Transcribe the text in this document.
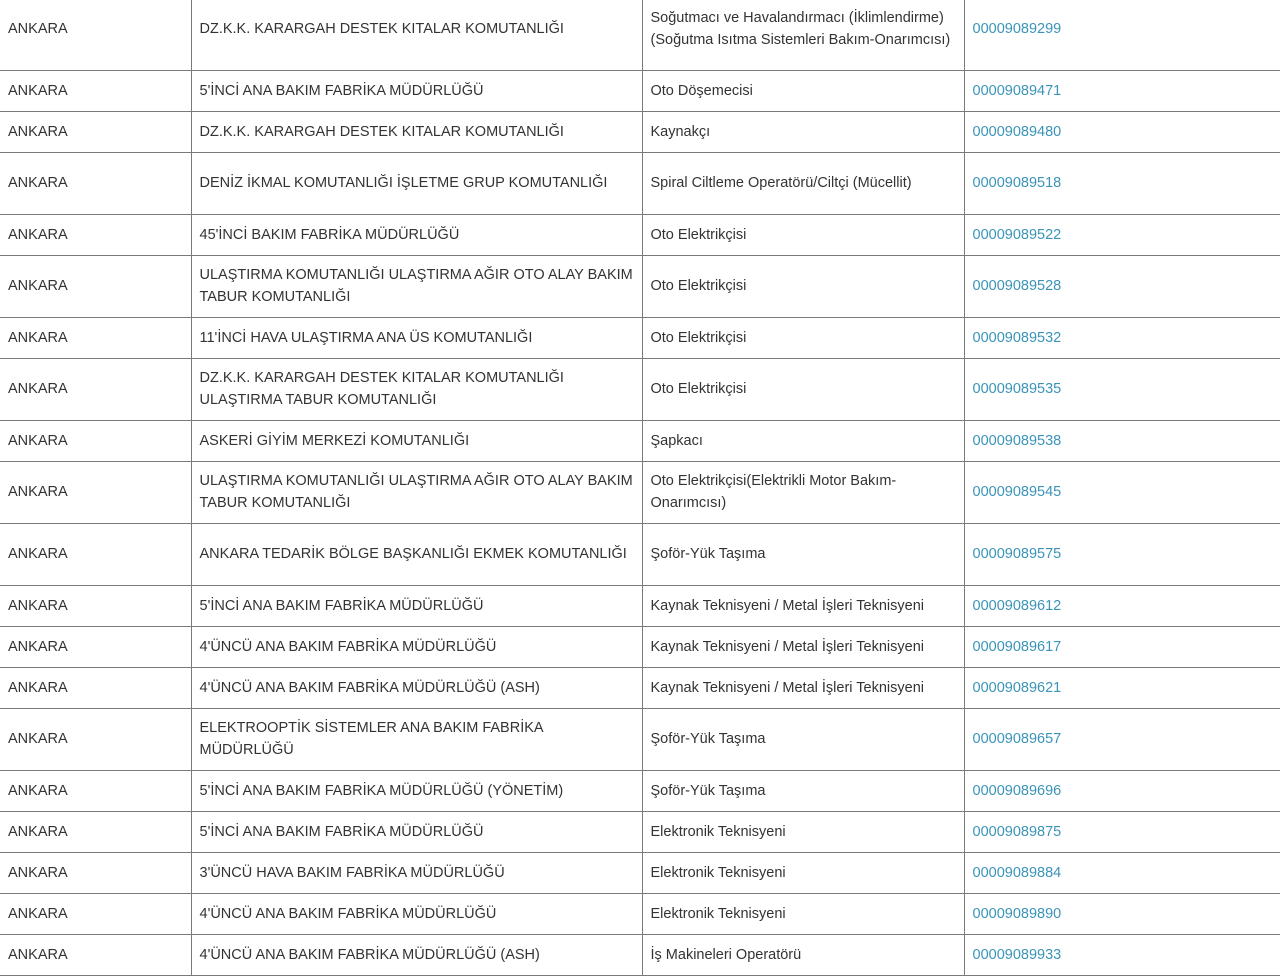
ANKARA	DZ.K.K. KARARGAH DESTEK KITALAR KOMUTANLIĞI	Soğutmacı ve Havalandırmacı (İklimlendirme)(Soğutma Isıtma Sistemleri Bakım-Onarımcısı)	00009089299
ANKARA	5'İNCİ ANA BAKIM FABRİKA MÜDÜRLÜĞÜ	Oto Döşemecisi	00009089471
ANKARA	DZ.K.K. KARARGAH DESTEK KITALAR KOMUTANLIĞI	Kaynakçı	00009089480
ANKARA	DENİZ İKMAL KOMUTANLIĞI İŞLETME GRUP KOMUTANLIĞI	Spiral Ciltleme Operatörü/Ciltçi (Mücellit)	00009089518
ANKARA	45'İNCİ BAKIM FABRİKA MÜDÜRLÜĞÜ	Oto Elektrikçisi	00009089522
ANKARA	ULAŞTIRMA KOMUTANLIĞI ULAŞTIRMA AĞIR OTO ALAY BAKIM TABUR KOMUTANLIĞI	Oto Elektrikçisi	00009089528
ANKARA	11'İNCİ HAVA ULAŞTIRMA ANA ÜS KOMUTANLIĞI	Oto Elektrikçisi	00009089532
ANKARA	DZ.K.K. KARARGAH DESTEK KITALAR KOMUTANLIĞI ULAŞTIRMA TABUR KOMUTANLIĞI	Oto Elektrikçisi	00009089535
ANKARA	ASKERİ GİYİM MERKEZİ KOMUTANLIĞI	Şapkacı	00009089538
ANKARA	ULAŞTIRMA KOMUTANLIĞI ULAŞTIRMA AĞIR OTO ALAY BAKIM TABUR KOMUTANLIĞI	Oto Elektrikçisi(Elektrikli Motor Bakım-Onarımcısı)	00009089545
ANKARA	ANKARA TEDARİK BÖLGE BAŞKANLIĞI EKMEK KOMUTANLIĞI	Şoför-Yük Taşıma	00009089575
ANKARA	5'İNCİ ANA BAKIM FABRİKA MÜDÜRLÜĞÜ	Kaynak Teknisyeni / Metal İşleri Teknisyeni	00009089612
ANKARA	4'ÜNCÜ ANA BAKIM FABRİKA MÜDÜRLÜĞÜ	Kaynak Teknisyeni / Metal İşleri Teknisyeni	00009089617
ANKARA	4'ÜNCÜ ANA BAKIM FABRİKA MÜDÜRLÜĞÜ (ASH)	Kaynak Teknisyeni / Metal İşleri Teknisyeni	00009089621
ANKARA	ELEKTROOPTİK SİSTEMLER ANA BAKIM FABRİKA MÜDÜRLÜĞÜ	Şoför-Yük Taşıma	00009089657
ANKARA	5'İNCİ ANA BAKIM FABRİKA MÜDÜRLÜĞÜ (YÖNETİM)	Şoför-Yük Taşıma	00009089696
ANKARA	5'İNCİ ANA BAKIM FABRİKA MÜDÜRLÜĞÜ	Elektronik Teknisyeni	00009089875
ANKARA	3'ÜNCÜ HAVA BAKIM FABRİKA MÜDÜRLÜĞÜ	Elektronik Teknisyeni	00009089884
ANKARA	4'ÜNCÜ ANA BAKIM FABRİKA MÜDÜRLÜĞÜ	Elektronik Teknisyeni	00009089890
ANKARA	4'ÜNCÜ ANA BAKIM FABRİKA MÜDÜRLÜĞÜ (ASH)	İş Makineleri Operatörü	00009089933
